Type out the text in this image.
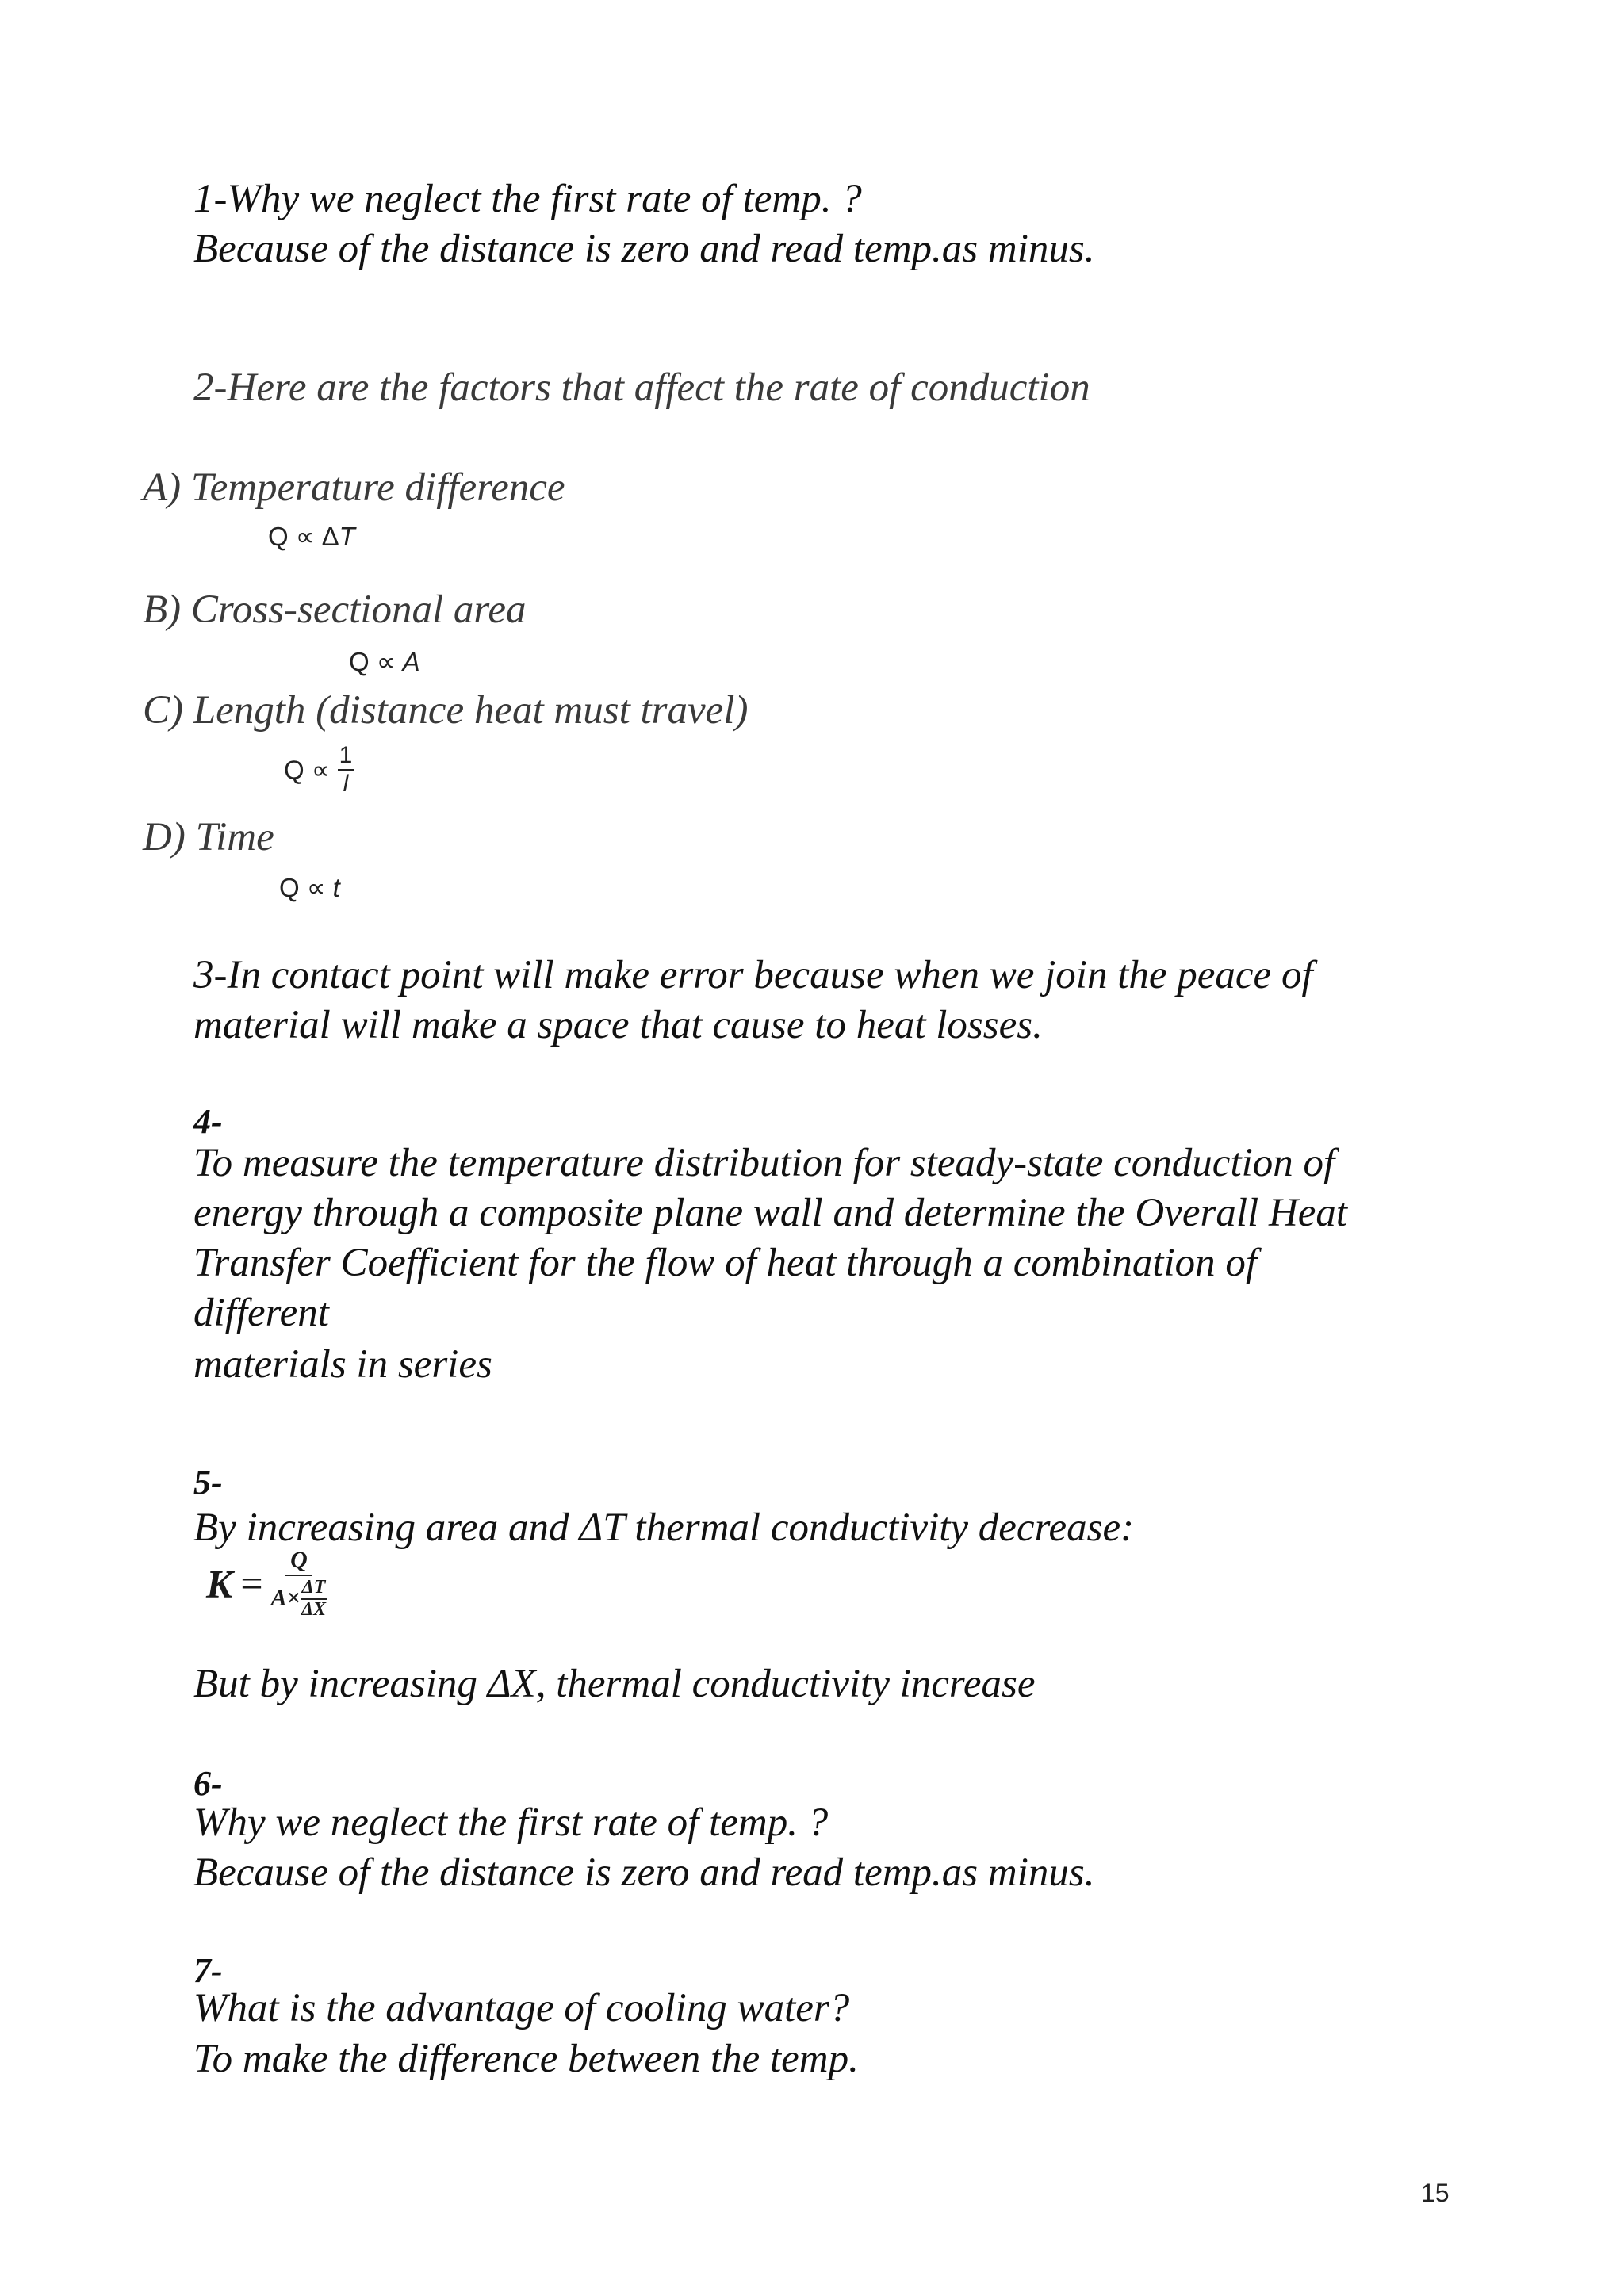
1-Why we neglect the first rate of temp. ?
Because of the distance is zero and read temp.as minus.
2-Here are the factors that affect the rate of conduction
A) Temperature difference
Q ∝ ΔT
B) Cross-sectional area
Q ∝ A
C) Length (distance heat must travel)
$Q \propto \frac{1}{l}$
D) Time
Q ∝ t
3-In contact point will make error because when we join the peace of
material will make a space that cause to heat losses.
4-
To measure the temperature distribution for steady-state conduction of
energy through a composite plane wall and determine the Overall Heat
Transfer Coefficient for the flow of heat through a combination of
different
materials in series
5-
By increasing area and ΔT thermal conductivity decrease:
K =
Q
$A\times \frac{\Delta T}{\Delta X}$
But by increasing ΔX, thermal conductivity increase
6-
Why we neglect the first rate of temp. ?
Because of the distance is zero and read temp.as minus.
7-
What is the advantage of cooling water?
To make the difference between the temp.
15
